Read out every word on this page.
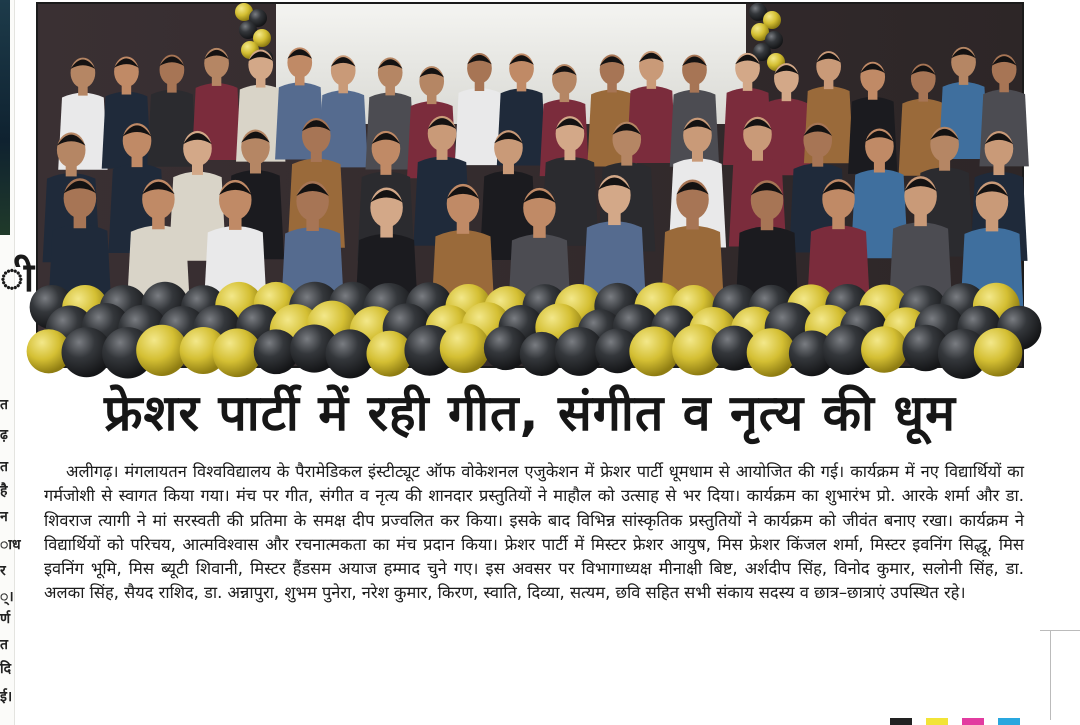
ी
त
ढ़
त
है
न
ाध
र
्।
र्ण
त
दि
ई।
फ्रेशर पार्टी में रही गीत, संगीत व नृत्य की धूम

अलीगढ़। मंगलायतन विश्वविद्यालय के पैरामेडिकल इंस्टीट्यूट ऑफ वोकेशनल एजुकेशन में फ्रेशर पार्टी धूमधाम से आयोजित की गई। कार्यक्रम में नए विद्यार्थियों का गर्मजोशी से स्वागत किया गया। मंच पर गीत, संगीत व नृत्य की शानदार प्रस्तुतियों ने माहौल को उत्साह से भर दिया। कार्यक्रम का शुभारंभ प्रो. आरके शर्मा और डा. शिवराज त्यागी ने मां सरस्वती की प्रतिमा के समक्ष दीप प्रज्वलित कर किया। इसके बाद विभिन्न सांस्कृतिक प्रस्तुतियों ने कार्यक्रम को जीवंत बनाए रखा। कार्यक्रम ने विद्यार्थियों को परिचय, आत्मविश्वास और रचनात्मकता का मंच प्रदान किया। फ्रेशर पार्टी में मिस्टर फ्रेशर आयुष, मिस फ्रेशर किंजल शर्मा, मिस्टर इवनिंग सिद्धू, मिस इवनिंग भूमि, मिस ब्यूटी शिवानी, मिस्टर हैंडसम अयाज हम्माद चुने गए। इस अवसर पर विभागाध्यक्ष मीनाक्षी बिष्ट, अर्शदीप सिंह, विनोद कुमार, सलोनी सिंह, डा. अलका सिंह, सैयद राशिद, डा. अन्नापुरा, शुभम पुनेरा, नरेश कुमार, किरण, स्वाति, दिव्या, सत्यम, छवि सहित सभी संकाय सदस्य व छात्र–छात्राएं उपस्थित रहे।
